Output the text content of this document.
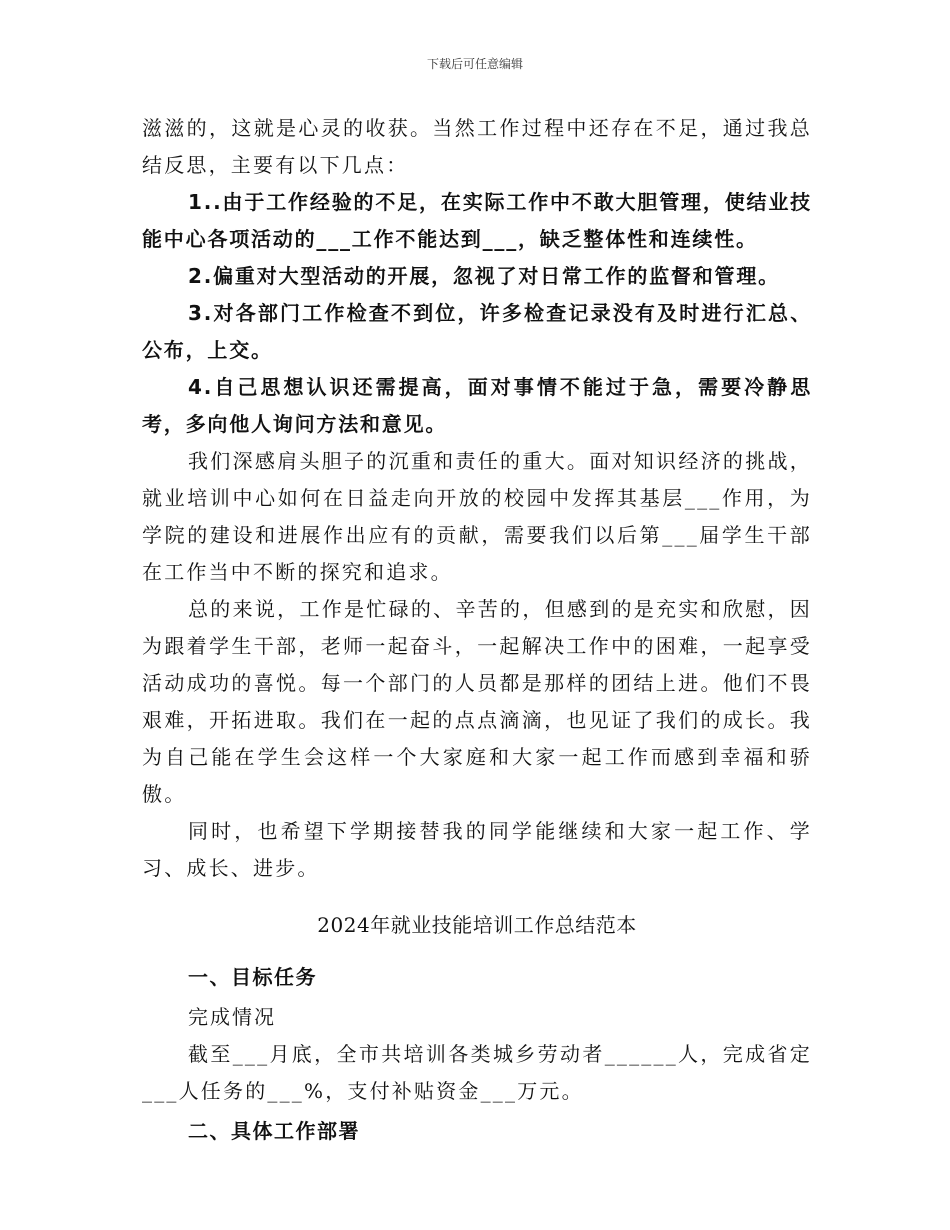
下载后可任意编辑

滋滋的，这就是心灵的收获。当然工作过程中还存在不足，通过我总结反思，主要有以下几点：

1..由于工作经验的不足，在实际工作中不敢大胆管理，使结业技能中心各项活动的___工作不能达到___，缺乏整体性和连续性。

2.偏重对大型活动的开展，忽视了对日常工作的监督和管理。

3.对各部门工作检查不到位，许多检查记录没有及时进行汇总、公布，上交。

4.自己思想认识还需提高，面对事情不能过于急，需要冷静思考，多向他人询问方法和意见。

我们深感肩头胆子的沉重和责任的重大。面对知识经济的挑战，就业培训中心如何在日益走向开放的校园中发挥其基层___作用，为学院的建设和进展作出应有的贡献，需要我们以后第___届学生干部在工作当中不断的探究和追求。

总的来说，工作是忙碌的、辛苦的，但感到的是充实和欣慰，因为跟着学生干部，老师一起奋斗，一起解决工作中的困难，一起享受活动成功的喜悦。每一个部门的人员都是那样的团结上进。他们不畏艰难，开拓进取。我们在一起的点点滴滴，也见证了我们的成长。我为自己能在学生会这样一个大家庭和大家一起工作而感到幸福和骄傲。

同时，也希望下学期接替我的同学能继续和大家一起工作、学习、成长、进步。

2024年就业技能培训工作总结范本
一、目标任务
完成情况

截至___月底，全市共培训各类城乡劳动者______人，完成省定___人任务的___%，支付补贴资金___万元。

二、具体工作部署
